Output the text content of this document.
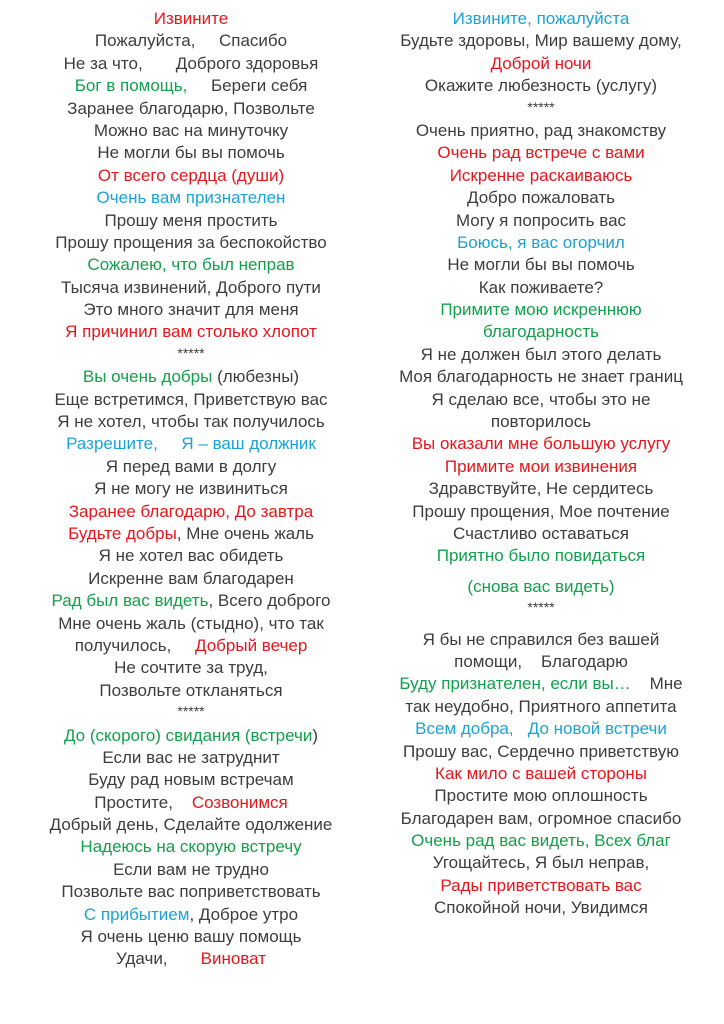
Извините
Пожалуйста,     Спасибо
Не за что,       Доброго здоровья
Бог в помощь,     Береги себя
Заранее благодарю, Позвольте
Можно вас на минуточку
Не могли бы вы помочь
От всего сердца (души)
Очень вам признателен
Прошу меня простить
Прошу прощения за беспокойство
Сожалею, что был неправ
Тысяча извинений, Доброго пути
Это много значит для меня
Я причинил вам столько хлопот
*****
Вы очень добры (любезны)
Еще встретимся, Приветствую вас
Я не хотел, чтобы так получилось
Разрешите,     Я – ваш должник
Я перед вами в долгу
Я не могу не извиниться
Заранее благодарю, До завтра
Будьте добры, Мне очень жаль
Я не хотел вас обидеть
Искренне вам благодарен
Рад был вас видеть, Всего доброго
Мне очень жаль (стыдно), что так
получилось,     Добрый вечер
Не сочтите за труд,
Позвольте откланяться
*****
До (скорого) свидания (встречи)
Если вас не затруднит
Буду рад новым встречам
Простите,    Созвонимся
Добрый день, Сделайте одолжение
Надеюсь на скорую встречу
Если вам не трудно
Позвольте вас поприветствовать
С прибытием, Доброе утро
Я очень ценю вашу помощь
Удачи,       Виноват
Извините, пожалуйста
Будьте здоровы, Мир вашему дому,
Доброй ночи
Окажите любезность (услугу)
*****
Очень приятно, рад знакомству
Очень рад встрече с вами
Искренне раскаиваюсь
Добро пожаловать
Могу я попросить вас
Боюсь, я вас огорчил
Не могли бы вы помочь
Как поживаете?
Примите мою искреннюю
благодарность
Я не должен был этого делать
Моя благодарность не знает границ
Я сделаю все, чтобы это не
повторилось
Вы оказали мне большую услугу
Примите мои извинения
Здравствуйте, Не сердитесь
Прошу прощения, Мое почтение
Счастливо оставаться
Приятно было повидаться
(снова вас видеть)
*****
Я бы не справился без вашей
помощи,    Благодарю
Буду признателен, если вы…    Мне
так неудобно, Приятного аппетита
Всем добра,   До новой встречи
Прошу вас, Сердечно приветствую
Как мило с вашей стороны
Простите мою оплошность
Благодарен вам, огромное спасибо
Очень рад вас видеть, Всех благ
Угощайтесь, Я был неправ,
Рады приветствовать вас
Спокойной ночи, Увидимся
